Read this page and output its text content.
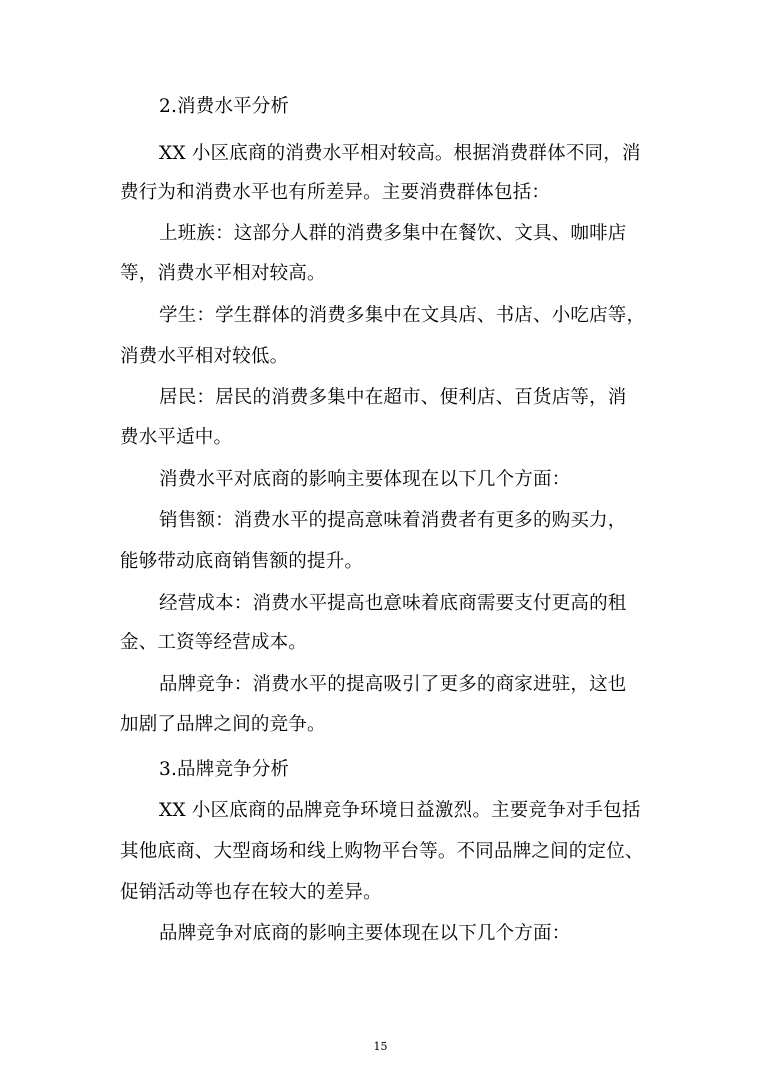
2.消费水平分析
XX 小区底商的消费水平相对较高。根据消费群体不同，消
费行为和消费水平也有所差异。主要消费群体包括：
上班族：这部分人群的消费多集中在餐饮、文具、咖啡店
等，消费水平相对较高。
学生：学生群体的消费多集中在文具店、书店、小吃店等，
消费水平相对较低。
居民：居民的消费多集中在超市、便利店、百货店等，消
费水平适中。
消费水平对底商的影响主要体现在以下几个方面：
销售额：消费水平的提高意味着消费者有更多的购买力，
能够带动底商销售额的提升。
经营成本：消费水平提高也意味着底商需要支付更高的租
金、工资等经营成本。
品牌竞争：消费水平的提高吸引了更多的商家进驻，这也
加剧了品牌之间的竞争。
3.品牌竞争分析
XX 小区底商的品牌竞争环境日益激烈。主要竞争对手包括
其他底商、大型商场和线上购物平台等。不同品牌之间的定位、
促销活动等也存在较大的差异。
品牌竞争对底商的影响主要体现在以下几个方面：
15
